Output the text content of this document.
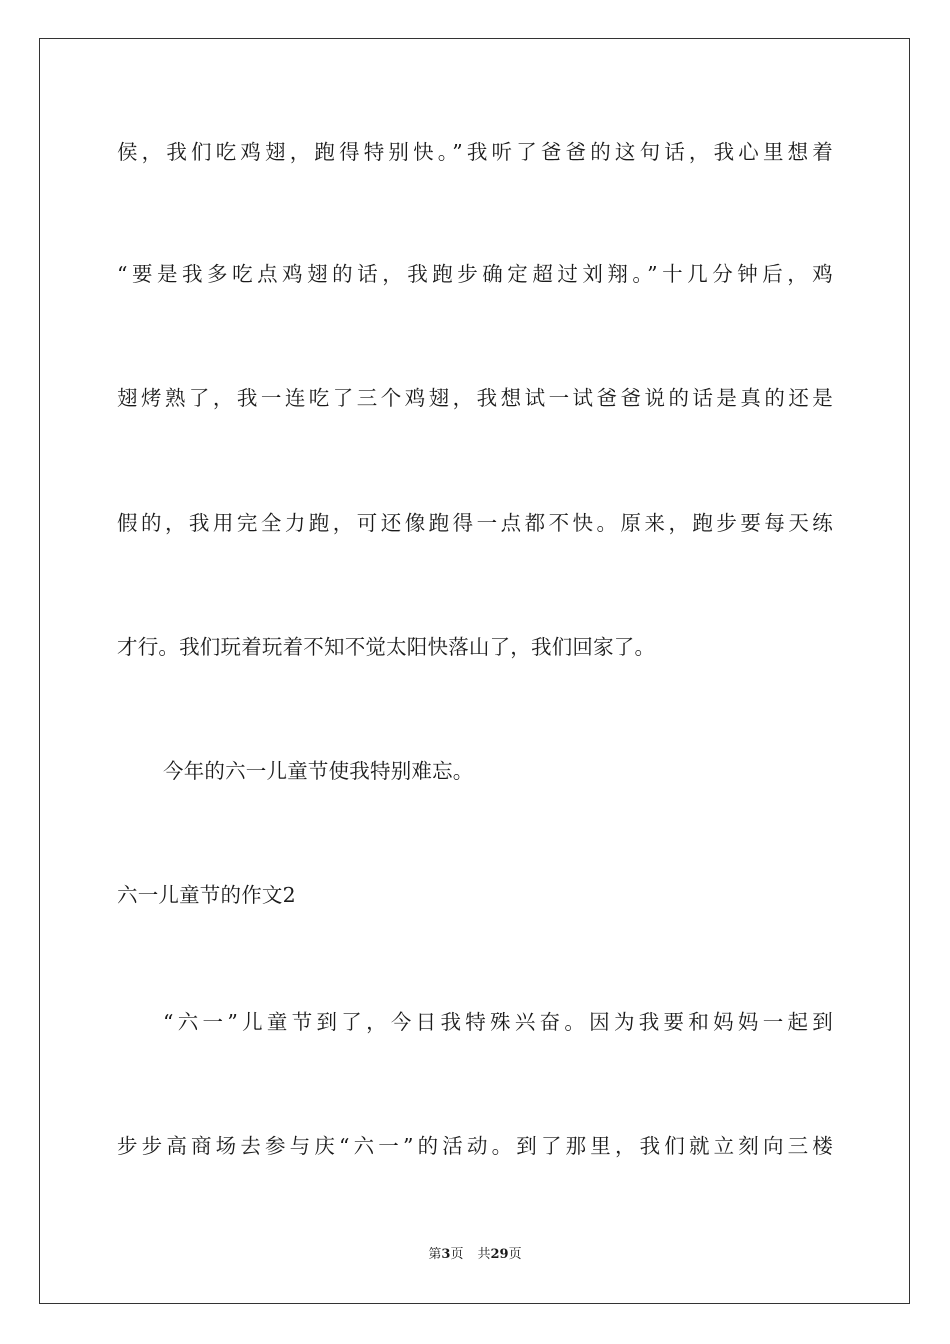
侯，我们吃鸡翅，跑得特别快。”我听了爸爸的这句话，我心里想着
“要是我多吃点鸡翅的话，我跑步确定超过刘翔。”十几分钟后，鸡
翅烤熟了，我一连吃了三个鸡翅，我想试一试爸爸说的话是真的还是
假的，我用完全力跑，可还像跑得一点都不快。原来，跑步要每天练
才行。我们玩着玩着不知不觉太阳快落山了，我们回家了。
今年的六一儿童节使我特别难忘。
六一儿童节的作文2
“六一”儿童节到了，今日我特殊兴奋。因为我要和妈妈一起到
步步高商场去参与庆“六一”的活动。到了那里，我们就立刻向三楼
第3页 共29页
